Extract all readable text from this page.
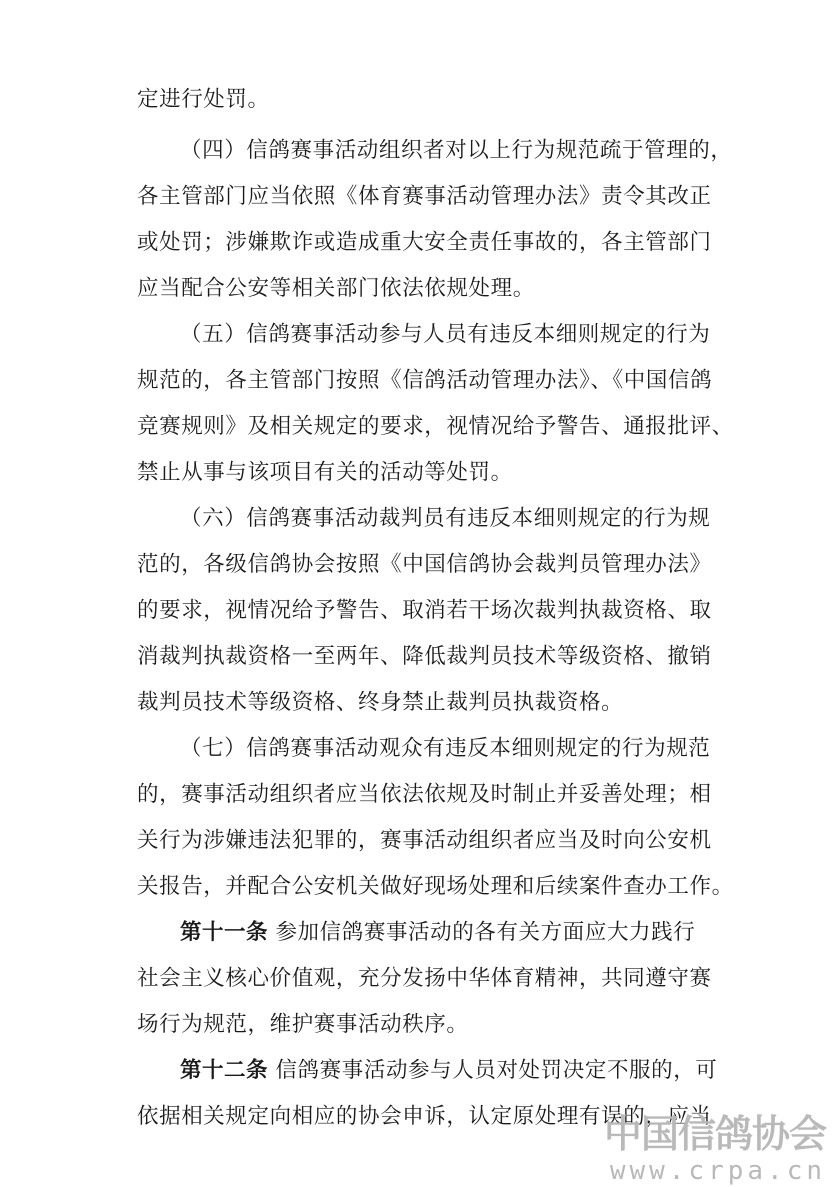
定进行处罚。
（四）信鸽赛事活动组织者对以上行为规范疏于管理的，
各主管部门应当依照《体育赛事活动管理办法》责令其改正
或处罚；涉嫌欺诈或造成重大安全责任事故的，各主管部门
应当配合公安等相关部门依法依规处理。
（五）信鸽赛事活动参与人员有违反本细则规定的行为
规范的，各主管部门按照《信鸽活动管理办法》、《中国信鸽
竞赛规则》及相关规定的要求，视情况给予警告、通报批评、
禁止从事与该项目有关的活动等处罚。
（六）信鸽赛事活动裁判员有违反本细则规定的行为规
范的，各级信鸽协会按照《中国信鸽协会裁判员管理办法》
的要求，视情况给予警告、取消若干场次裁判执裁资格、取
消裁判执裁资格一至两年、降低裁判员技术等级资格、撤销
裁判员技术等级资格、终身禁止裁判员执裁资格。
（七）信鸽赛事活动观众有违反本细则规定的行为规范
的，赛事活动组织者应当依法依规及时制止并妥善处理；相
关行为涉嫌违法犯罪的，赛事活动组织者应当及时向公安机
关报告，并配合公安机关做好现场处理和后续案件查办工作。
第十一条 参加信鸽赛事活动的各有关方面应大力践行
社会主义核心价值观，充分发扬中华体育精神，共同遵守赛
场行为规范，维护赛事活动秩序。
第十二条 信鸽赛事活动参与人员对处罚决定不服的，可
依据相关规定向相应的协会申诉，认定原处理有误的，应当
中国信鸽协会
www.crpa.cn
